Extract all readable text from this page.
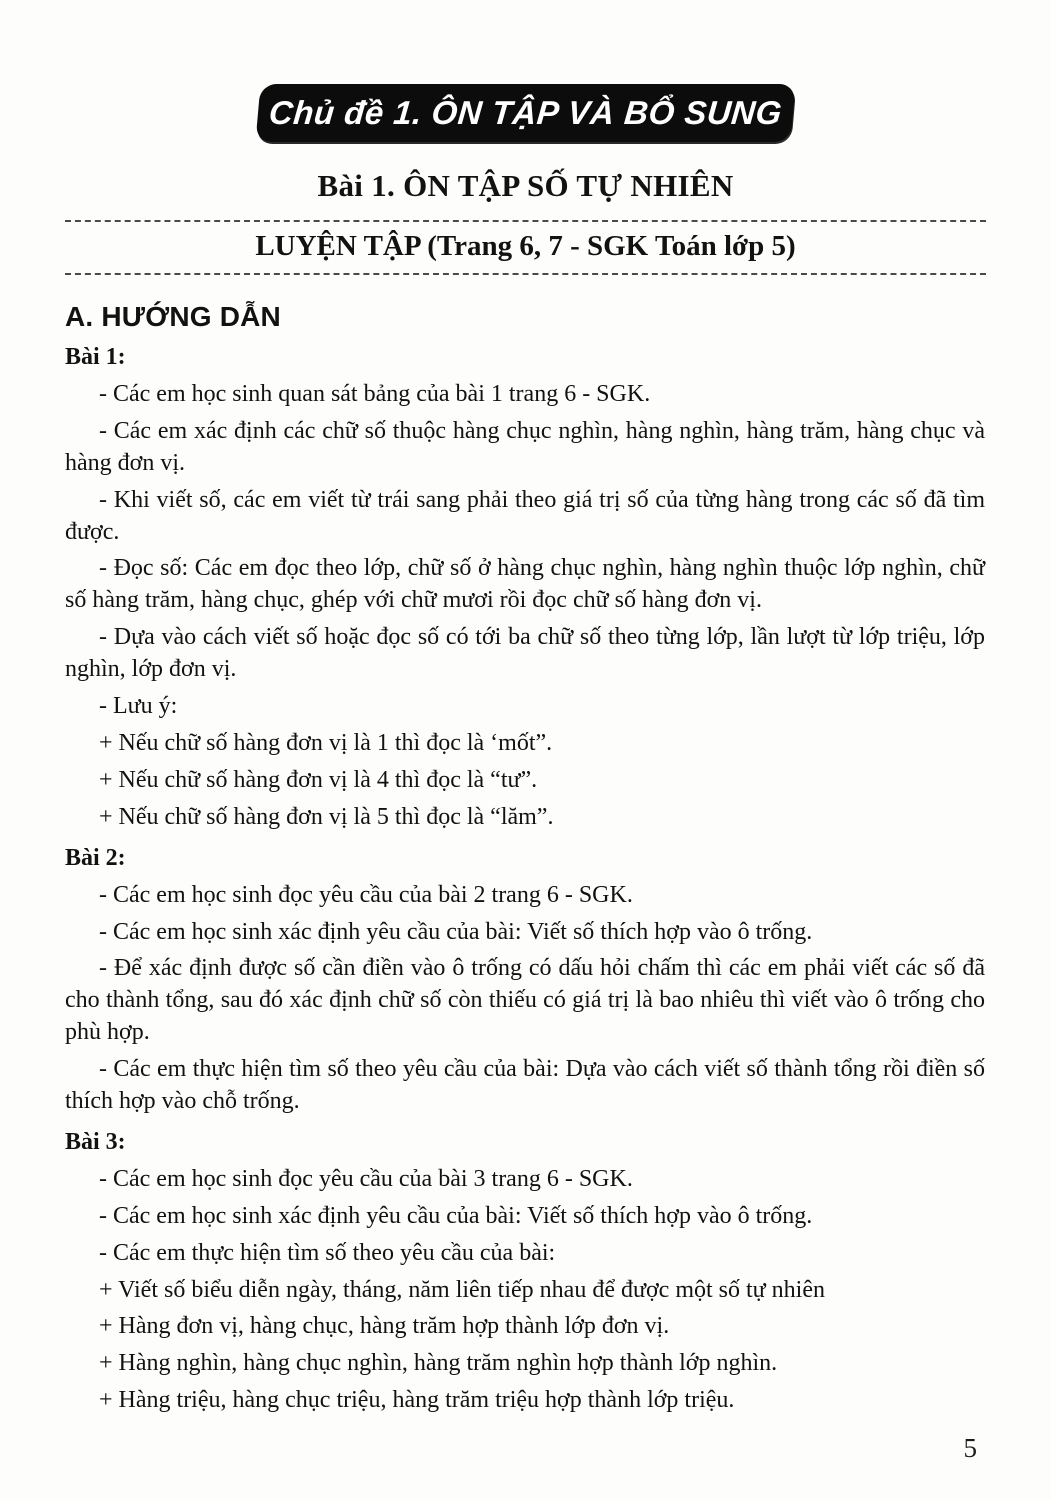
Chủ đề 1. ÔN TẬP VÀ BỔ SUNG
Bài 1. ÔN TẬP SỐ TỰ NHIÊN
LUYỆN TẬP (Trang 6, 7 - SGK Toán lớp 5)
A. HƯỚNG DẪN

Bài 1:

- Các em học sinh quan sát bảng của bài 1 trang 6 - SGK.

- Các em xác định các chữ số thuộc hàng chục nghìn, hàng nghìn, hàng trăm, hàng chục và hàng đơn vị.

- Khi viết số, các em viết từ trái sang phải theo giá trị số của từng hàng trong các số đã tìm được.

- Đọc số: Các em đọc theo lớp, chữ số ở hàng chục nghìn, hàng nghìn thuộc lớp nghìn, chữ số hàng trăm, hàng chục, ghép với chữ mươi rồi đọc chữ số hàng đơn vị.

- Dựa vào cách viết số hoặc đọc số có tới ba chữ số theo từng lớp, lần lượt từ lớp triệu, lớp nghìn, lớp đơn vị.

- Lưu ý:

+ Nếu chữ số hàng đơn vị là 1 thì đọc là ‘mốt”.

+ Nếu chữ số hàng đơn vị là 4 thì đọc là “tư”.

+ Nếu chữ số hàng đơn vị là 5 thì đọc là “lăm”.

Bài 2:

- Các em học sinh đọc yêu cầu của bài 2 trang 6 - SGK.

- Các em học sinh xác định yêu cầu của bài: Viết số thích hợp vào ô trống.

- Để xác định được số cần điền vào ô trống có dấu hỏi chấm thì các em phải viết các số đã cho thành tổng, sau đó xác định chữ số còn thiếu có giá trị là bao nhiêu thì viết vào ô trống cho phù hợp.

- Các em thực hiện tìm số theo yêu cầu của bài: Dựa vào cách viết số thành tổng rồi điền số thích hợp vào chỗ trống.

Bài 3:

- Các em học sinh đọc yêu cầu của bài 3 trang 6 - SGK.

- Các em học sinh xác định yêu cầu của bài: Viết số thích hợp vào ô trống.

- Các em thực hiện tìm số theo yêu cầu của bài:

+ Viết số biểu diễn ngày, tháng, năm liên tiếp nhau để được một số tự nhiên

+ Hàng đơn vị, hàng chục, hàng trăm hợp thành lớp đơn vị.

+ Hàng nghìn, hàng chục nghìn, hàng trăm nghìn hợp thành lớp nghìn.

+ Hàng triệu, hàng chục triệu, hàng trăm triệu hợp thành lớp triệu.

5
